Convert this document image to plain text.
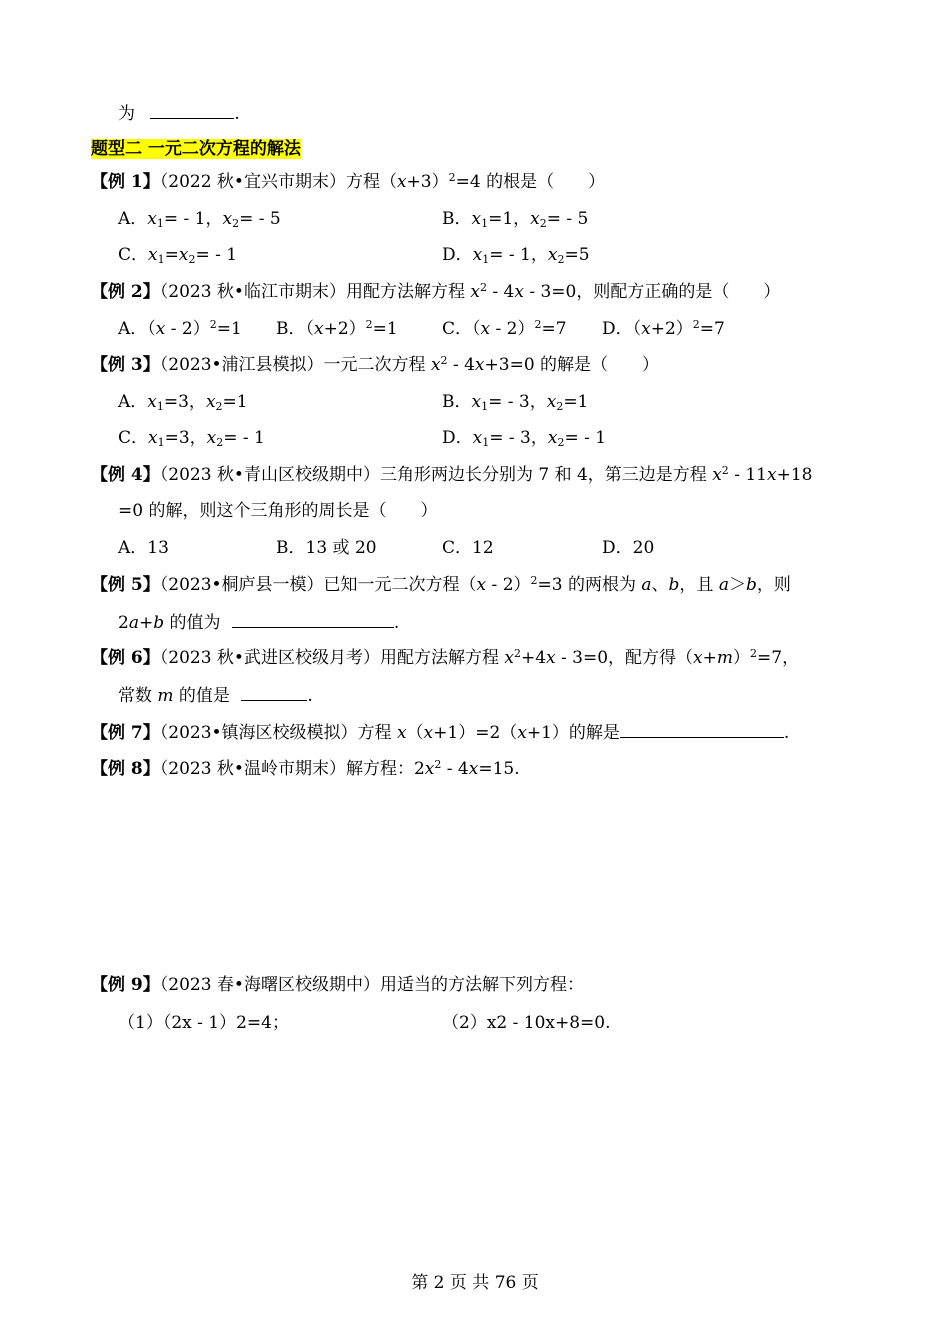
为	.
题型二 一元二次方程的解法
【例 1】（2022 秋•宜兴市期末）方程$(x+3)^2=4$ 的根是（　　）
A．$x_1= - 1$，$x_2= - 5$	B．$x_1=1$，$x_2= - 5$
C．$x_1=x_2= - 1$	D．$x_1= - 1$，$x_2=5$
【例 2】（2023 秋•临江市期末）用配方法解方程 $x^2 - 4x - 3=0$，则配方正确的是（　　）
A．（x - 2）$^2$=1 B．$(x+2)^2=1$	C．（x - 2）$^2$=7 D．$(x+2)^2=7$
【例 3】（2023•浦江县模拟）一元二次方程 $x^2 - 4x+3=0$ 的解是（　　）
A．$x_1=3$，$x_2=1$	B．$x_1= - 3$，$x_2=1$
C．$x_1=3$，$x_2= - 1$	D．$x_1= - 3$，$x_2= - 1$
【例 4】（2023 秋•青山区校级期中）三角形两边长分别为 7 和 4，第三边是方程 $x^2 - 11x+18$
=0 的解，则这个三角形的周长是（　　）
A．13	B．13 或 20	C．12	D．20
【例 5】（2023•桐庐县一模）已知一元二次方程（x - 2）$^2$=3 的两根为 a、b，且 a＞b，则
2a+b 的值为	.
【例 6】（2023 秋•武进区校级月考）用配方法解方程 $x^2+4x - 3=0$，配方得$(x+m)^2=7$，
常数 m 的值是	.
【例 7】（2023•镇海区校级模拟）方程 x（x+1）=2（x+1）的解是	.
【例 8】（2023 秋•温岭市期末）解方程：$2x^2 - 4x=15$.
【例 9】（2023 春•海曙区校级期中）用适当的方法解下列方程：
（1）（2x - 1）2=4；	（2）x2 - 10x+8=0.
第 2 页 共 76 页
